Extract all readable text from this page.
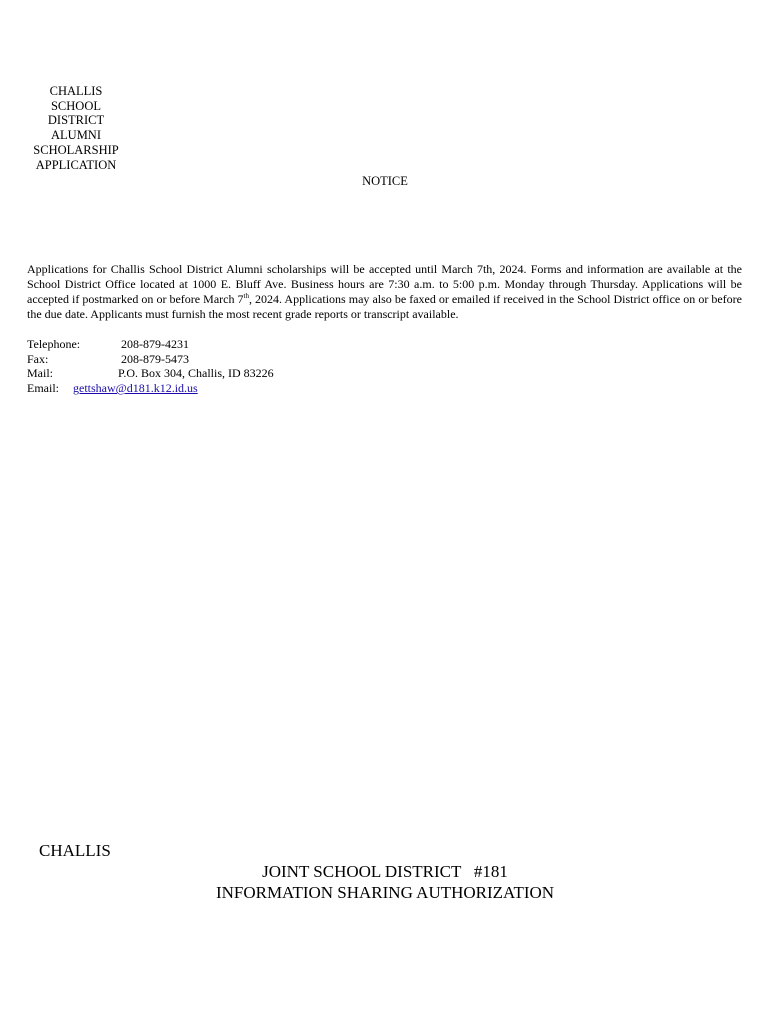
CHALLIS
SCHOOL
DISTRICT
ALUMNI
SCHOLARSHIP
APPLICATION
NOTICE

Applications for Challis School District Alumni scholarships will be accepted until March 7th, 2024. Forms and information are available at the School District Office located at 1000 E. Bluff Ave. Business hours are 7:30 a.m. to 5:00 p.m. Monday through Thursday. Applications will be accepted if postmarked on or before March 7th, 2024. Applications may also be faxed or emailed if received in the School District office on or before the due date. Applicants must furnish the most recent grade reports or transcript available.

Telephone:	208-879-4231
Fax:	208-879-5473
Mail:	P.O. Box 304, Challis, ID 83226
Email: gettshaw@d181.k12.id.us
CHALLIS
JOINT SCHOOL DISTRICT   #181
INFORMATION SHARING AUTHORIZATION
